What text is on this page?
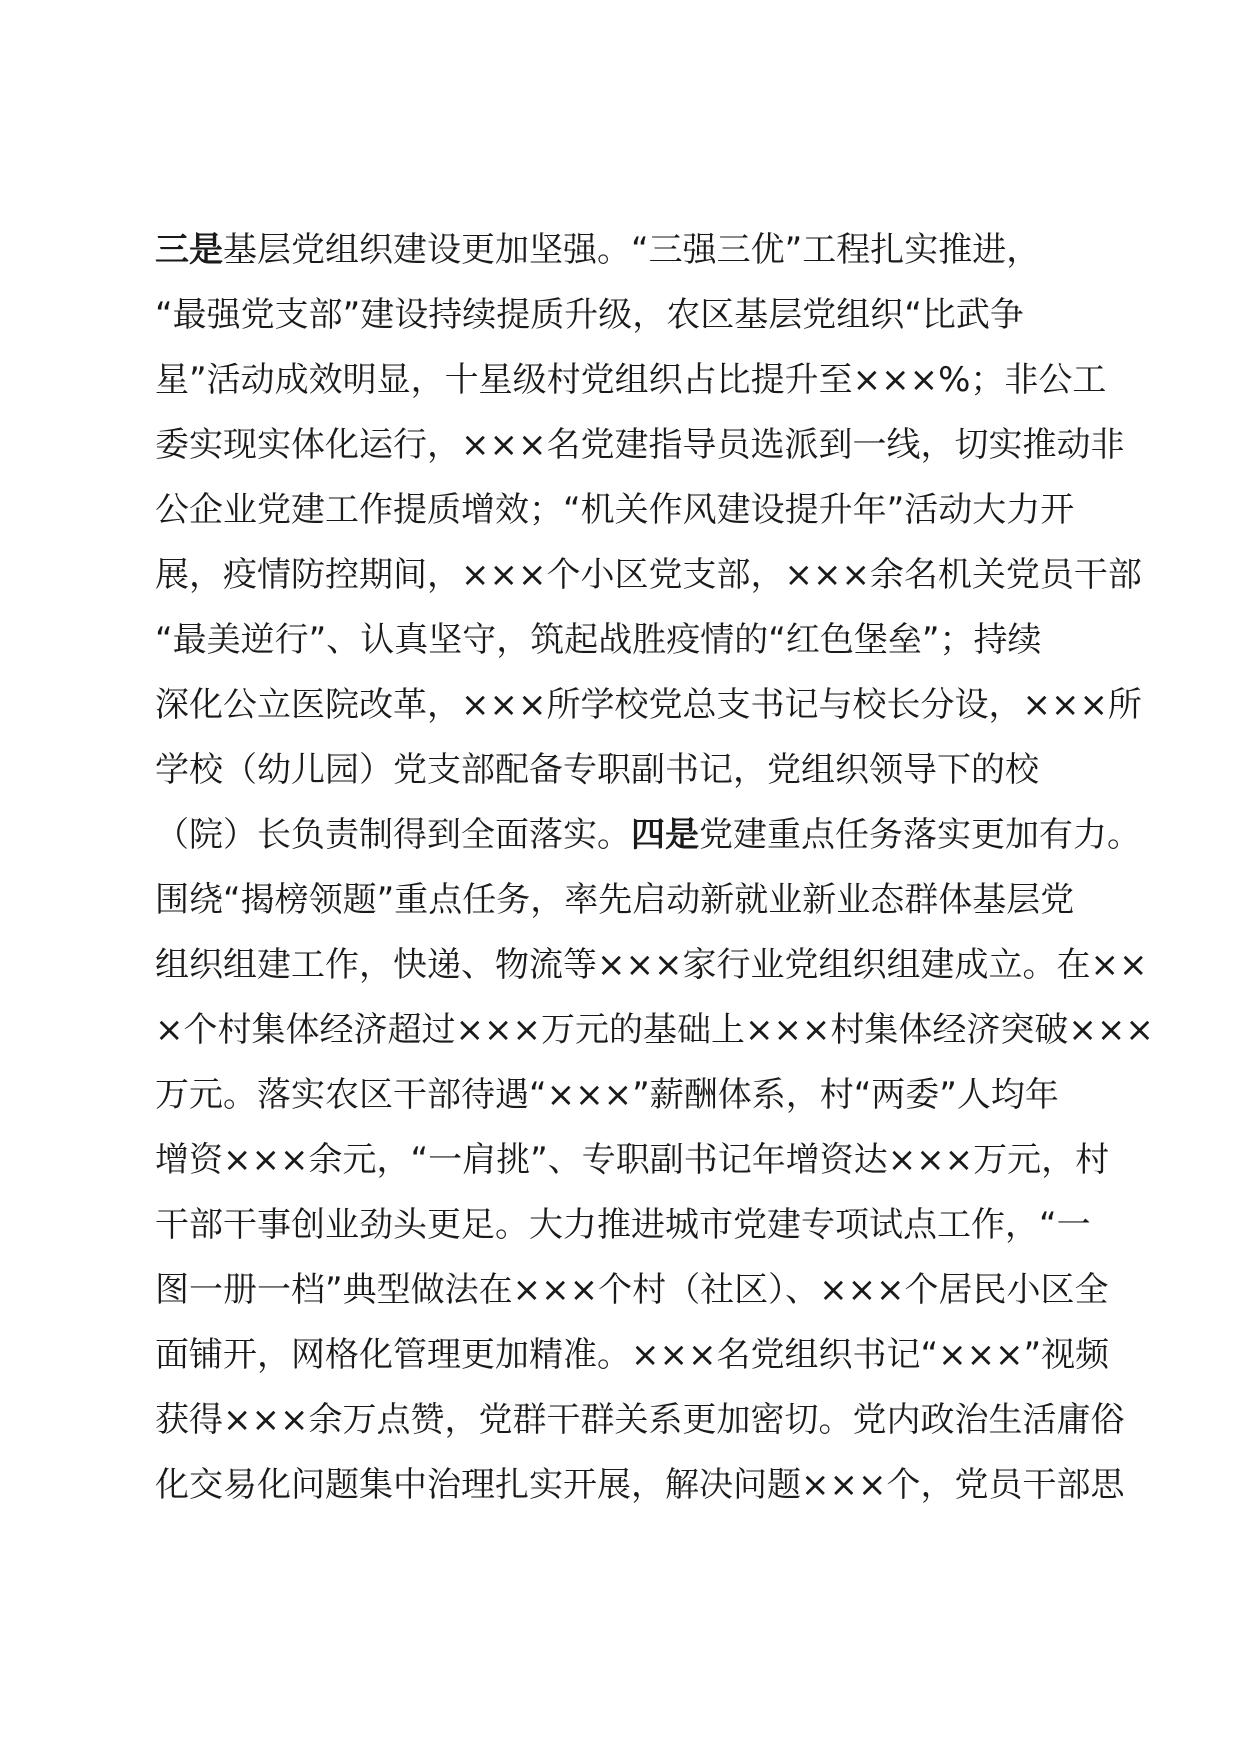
三是基层党组织建设更加坚强。“三强三优”工程扎实推进，
“最强党支部”建设持续提质升级，农区基层党组织“比武争
星”活动成效明显，十星级村党组织占比提升至×××%；非公工
委实现实体化运行，×××名党建指导员选派到一线，切实推动非
公企业党建工作提质增效；“机关作风建设提升年”活动大力开
展，疫情防控期间，×××个小区党支部，×××余名机关党员干部
“最美逆行”、认真坚守，筑起战胜疫情的“红色堡垒”；持续
深化公立医院改革，×××所学校党总支书记与校长分设，×××所
学校（幼儿园）党支部配备专职副书记，党组织领导下的校
（院）长负责制得到全面落实。四是党建重点任务落实更加有力。
围绕“揭榜领题”重点任务，率先启动新就业新业态群体基层党
组织组建工作，快递、物流等×××家行业党组织组建成立。在××
×个村集体经济超过×××万元的基础上×××村集体经济突破×××
万元。落实农区干部待遇“×××”薪酬体系，村“两委”人均年
增资×××余元，“一肩挑”、专职副书记年增资达×××万元，村
干部干事创业劲头更足。大力推进城市党建专项试点工作，“一
图一册一档”典型做法在×××个村（社区）、×××个居民小区全
面铺开，网格化管理更加精准。×××名党组织书记“×××”视频
获得×××余万点赞，党群干群关系更加密切。党内政治生活庸俗
化交易化问题集中治理扎实开展，解决问题×××个，党员干部思
